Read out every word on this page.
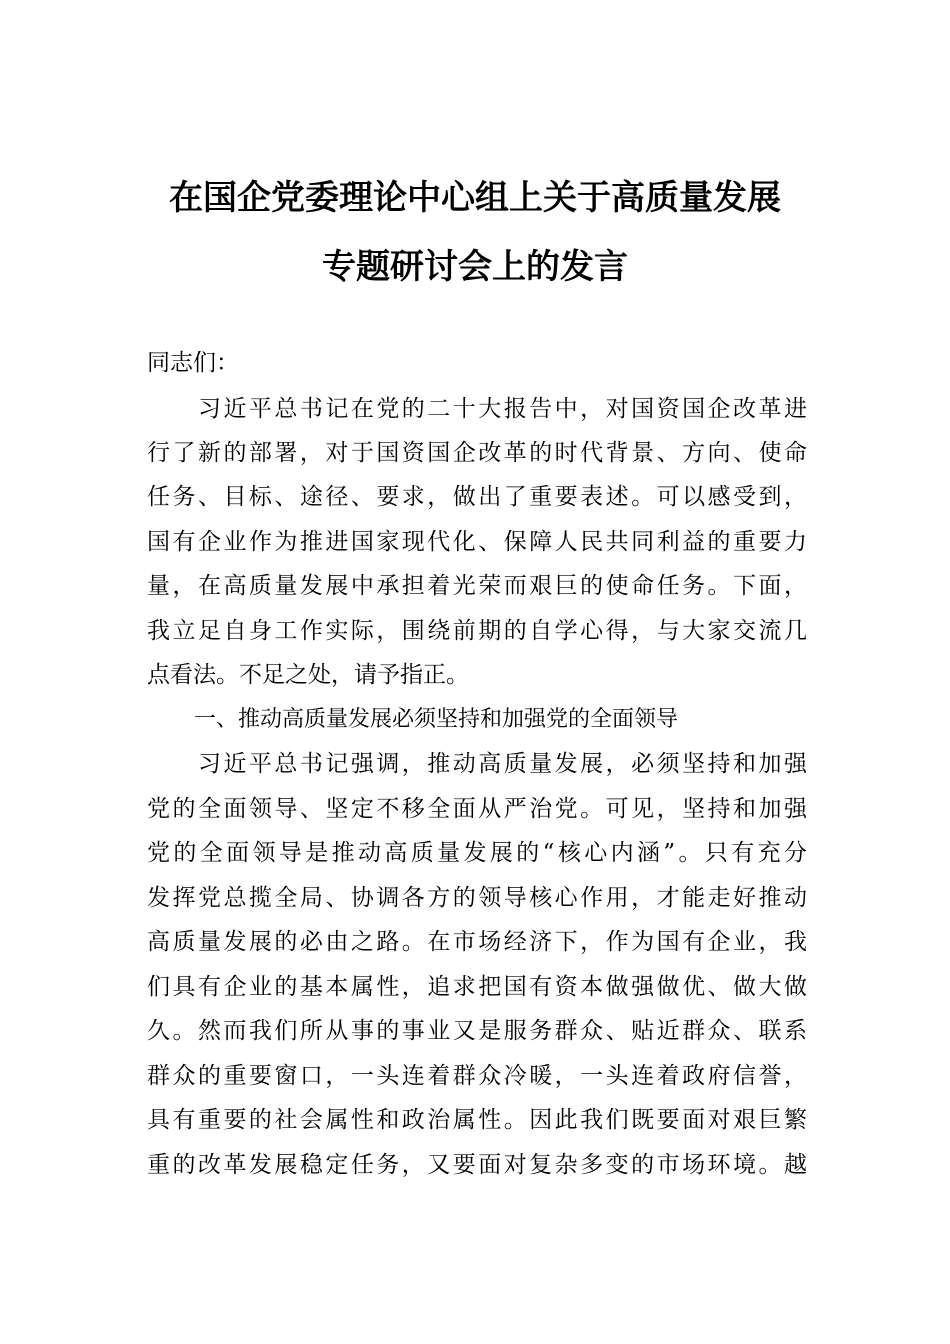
在国企党委理论中心组上关于高质量发展
专题研讨会上的发言
同志们：
　　习近平总书记在党的二十大报告中，对国资国企改革进
行了新的部署，对于国资国企改革的时代背景、方向、使命
任务、目标、途径、要求，做出了重要表述。可以感受到，
国有企业作为推进国家现代化、保障人民共同利益的重要力
量，在高质量发展中承担着光荣而艰巨的使命任务。下面，
我立足自身工作实际，围绕前期的自学心得，与大家交流几
点看法。不足之处，请予指正。
一、推动高质量发展必须坚持和加强党的全面领导
　　习近平总书记强调，推动高质量发展，必须坚持和加强
党的全面领导、坚定不移全面从严治党。可见，坚持和加强
党的全面领导是推动高质量发展的“核心内涵”。只有充分
发挥党总揽全局、协调各方的领导核心作用，才能走好推动
高质量发展的必由之路。在市场经济下，作为国有企业，我
们具有企业的基本属性，追求把国有资本做强做优、做大做
久。然而我们所从事的事业又是服务群众、贴近群众、联系
群众的重要窗口，一头连着群众冷暖，一头连着政府信誉，
具有重要的社会属性和政治属性。因此我们既要面对艰巨繁
重的改革发展稳定任务，又要面对复杂多变的市场环境。越
